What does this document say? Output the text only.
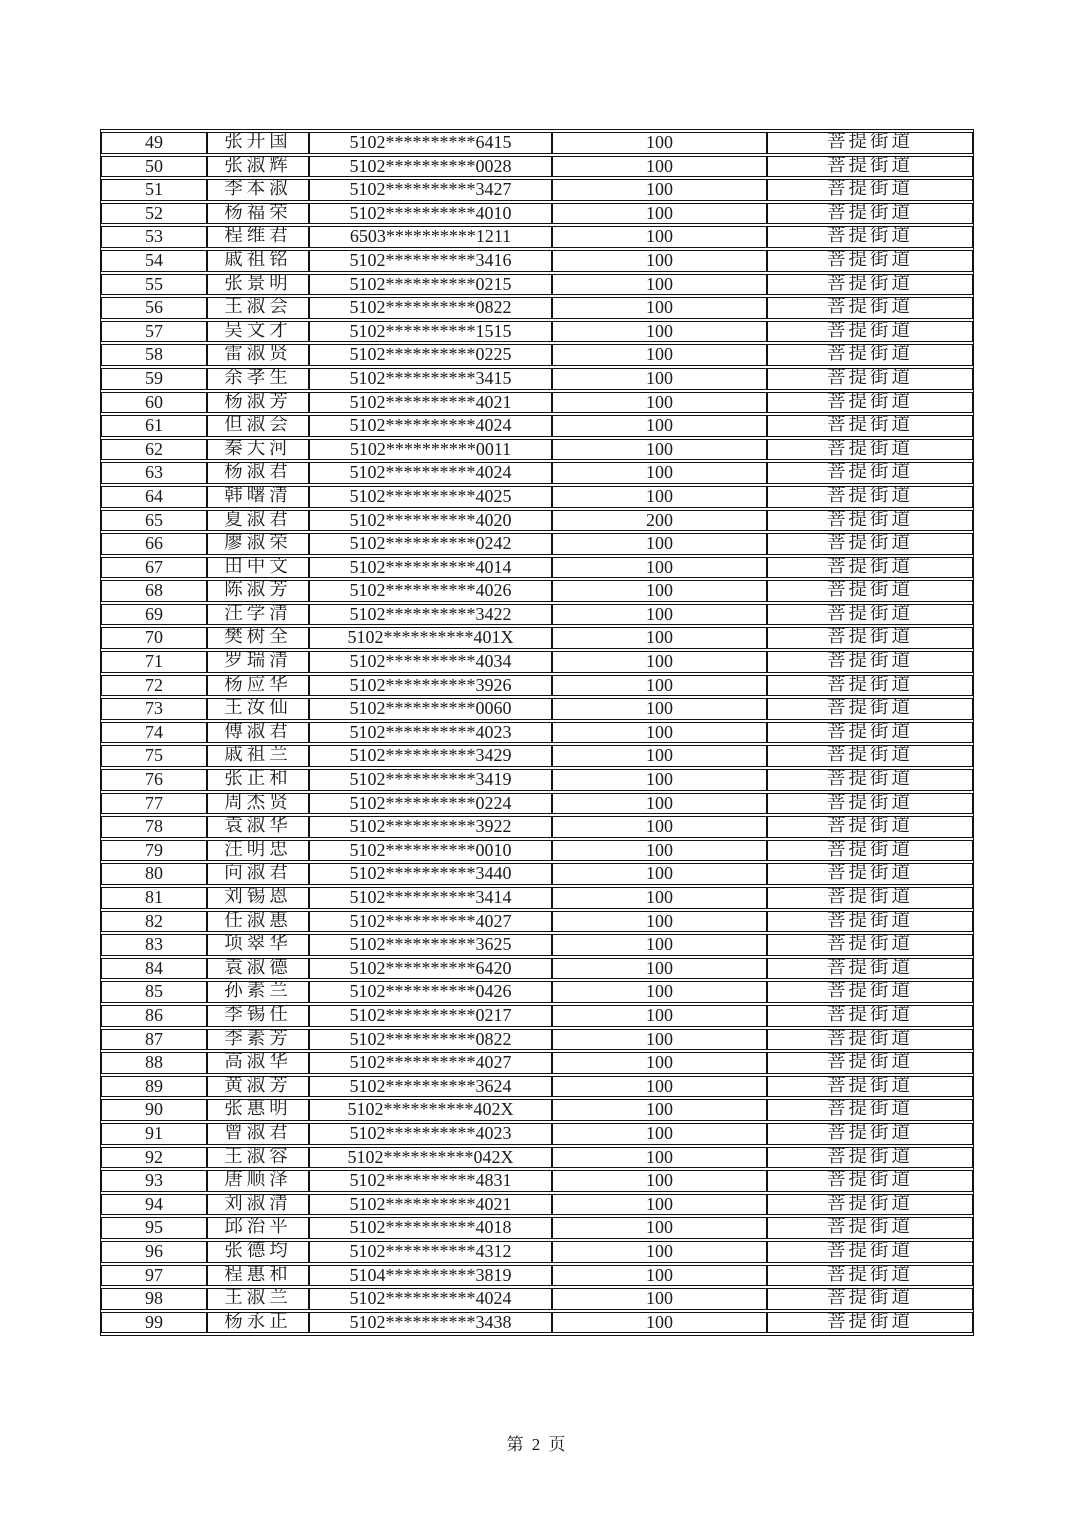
49	张开国	5102**********6415	100	菩提街道
50	张淑辉	5102**********0028	100	菩提街道
51	李本淑	5102**********3427	100	菩提街道
52	杨福荣	5102**********4010	100	菩提街道
53	程维君	6503**********1211	100	菩提街道
54	戚祖铭	5102**********3416	100	菩提街道
55	张景明	5102**********0215	100	菩提街道
56	王淑会	5102**********0822	100	菩提街道
57	吴文才	5102**********1515	100	菩提街道
58	雷淑贤	5102**********0225	100	菩提街道
59	余孝生	5102**********3415	100	菩提街道
60	杨淑芳	5102**********4021	100	菩提街道
61	但淑会	5102**********4024	100	菩提街道
62	秦大河	5102**********0011	100	菩提街道
63	杨淑君	5102**********4024	100	菩提街道
64	韩曙清	5102**********4025	100	菩提街道
65	夏淑君	5102**********4020	200	菩提街道
66	廖淑荣	5102**********0242	100	菩提街道
67	田中文	5102**********4014	100	菩提街道
68	陈淑芳	5102**********4026	100	菩提街道
69	汪学清	5102**********3422	100	菩提街道
70	樊树全	5102**********401X	100	菩提街道
71	罗瑞清	5102**********4034	100	菩提街道
72	杨应华	5102**********3926	100	菩提街道
73	王汝仙	5102**********0060	100	菩提街道
74	傅淑君	5102**********4023	100	菩提街道
75	戚祖兰	5102**********3429	100	菩提街道
76	张正和	5102**********3419	100	菩提街道
77	周杰贤	5102**********0224	100	菩提街道
78	袁淑华	5102**********3922	100	菩提街道
79	汪明忠	5102**********0010	100	菩提街道
80	向淑君	5102**********3440	100	菩提街道
81	刘锡恩	5102**********3414	100	菩提街道
82	任淑惠	5102**********4027	100	菩提街道
83	项翠华	5102**********3625	100	菩提街道
84	袁淑德	5102**********6420	100	菩提街道
85	孙素兰	5102**********0426	100	菩提街道
86	李锡任	5102**********0217	100	菩提街道
87	李素芳	5102**********0822	100	菩提街道
88	高淑华	5102**********4027	100	菩提街道
89	黄淑芳	5102**********3624	100	菩提街道
90	张惠明	5102**********402X	100	菩提街道
91	曾淑君	5102**********4023	100	菩提街道
92	王淑容	5102**********042X	100	菩提街道
93	唐顺泽	5102**********4831	100	菩提街道
94	刘淑清	5102**********4021	100	菩提街道
95	邱治平	5102**********4018	100	菩提街道
96	张德均	5102**********4312	100	菩提街道
97	程惠和	5104**********3819	100	菩提街道
98	王淑兰	5102**********4024	100	菩提街道
99	杨永正	5102**********3438	100	菩提街道
第 2 页
